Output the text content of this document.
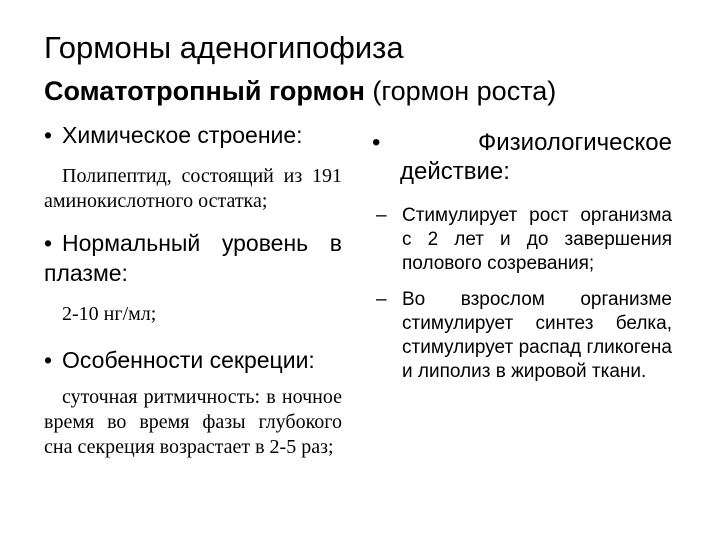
Гормоны аденогипофиза
Соматотропный гормон (гормон роста)
• Химическое строение:
Полипептид, состоящий из 191 аминокислотного остатка;
• Нормальный уровень в плазме:
2-10 нг/мл;
• Особенности секреции:
суточная ритмичность: в ночное время во время фазы глубокого сна секреция возрастает в 2-5 раз;
•	Физиологическое
действие:
– Стимулирует рост организма с 2 лет и до завершения полового созревания;
– Во взрослом организме стимулирует синтез белка, стимулирует распад гликогена и липолиз в жировой ткани.
